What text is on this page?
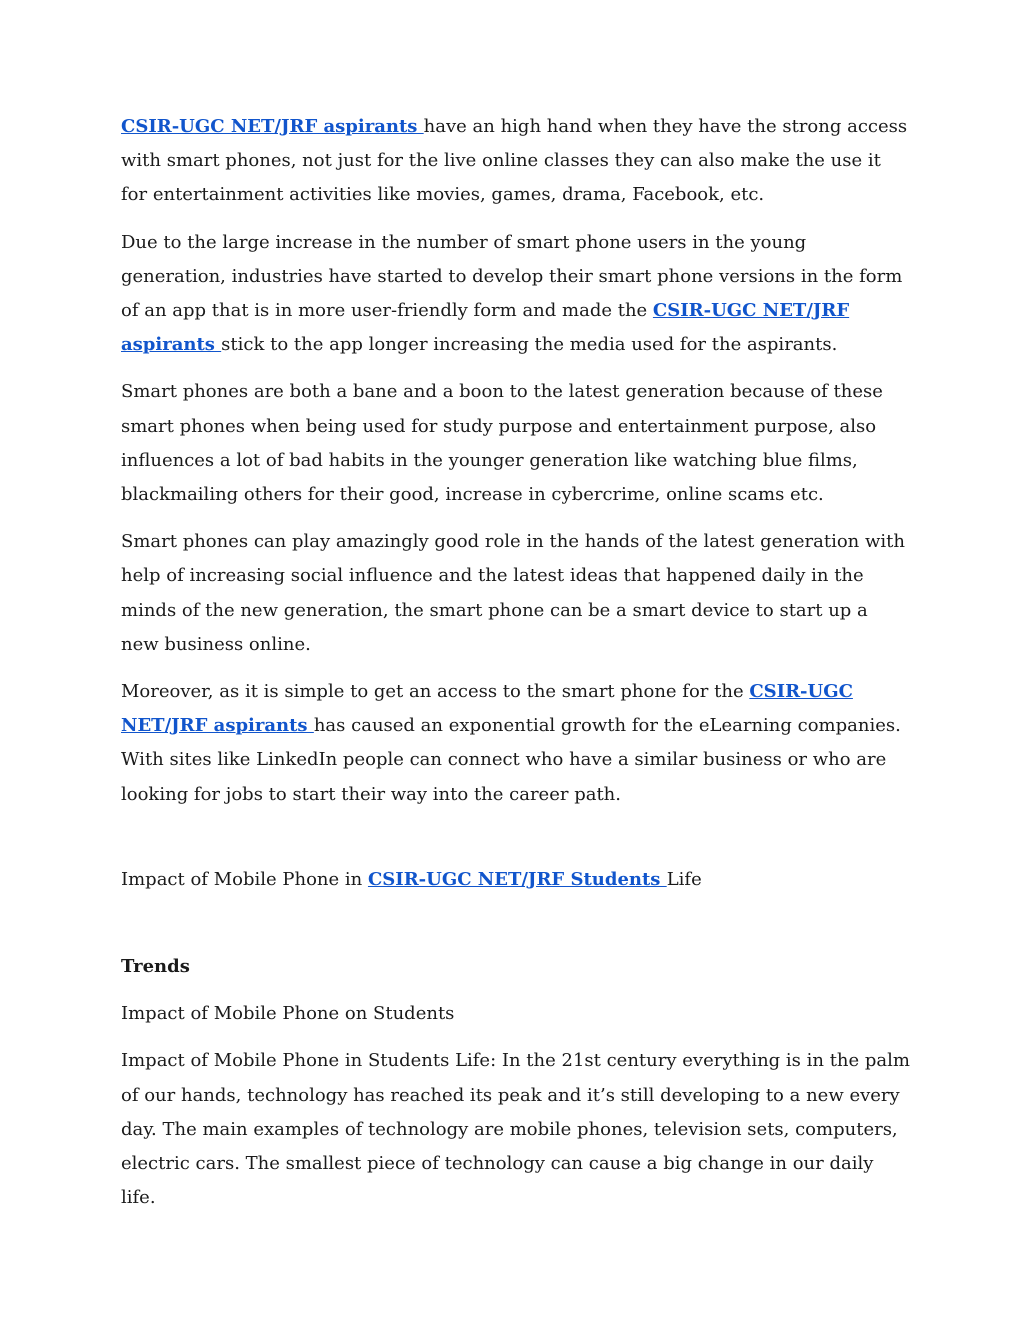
CSIR-UGC NET/JRF aspirants have an high hand when they have the strong access with smart phones, not just for the live online classes they can also make the use it for entertainment activities like movies, games, drama, Facebook, etc.

Due to the large increase in the number of smart phone users in the young generation, industries have started to develop their smart phone versions in the form of an app that is in more user-friendly form and made the CSIR-UGC NET/JRF aspirants stick to the app longer increasing the media used for the aspirants.

Smart phones are both a bane and a boon to the latest generation because of these smart phones when being used for study purpose and entertainment purpose, also influences a lot of bad habits in the younger generation like watching blue films, blackmailing others for their good, increase in cybercrime, online scams etc.

Smart phones can play amazingly good role in the hands of the latest generation with help of increasing social influence and the latest ideas that happened daily in the minds of the new generation, the smart phone can be a smart device to start up a new business online.

Moreover, as it is simple to get an access to the smart phone for the CSIR-UGC NET/JRF aspirants has caused an exponential growth for the eLearning companies. With sites like LinkedIn people can connect who have a similar business or who are looking for jobs to start their way into the career path.

Impact of Mobile Phone in CSIR-UGC NET/JRF Students Life

Trends

Impact of Mobile Phone on Students

Impact of Mobile Phone in Students Life: In the 21st century everything is in the palm of our hands, technology has reached its peak and it’s still developing to a new every day. The main examples of technology are mobile phones, television sets, computers, electric cars. The smallest piece of technology can cause a big change in our daily life.
